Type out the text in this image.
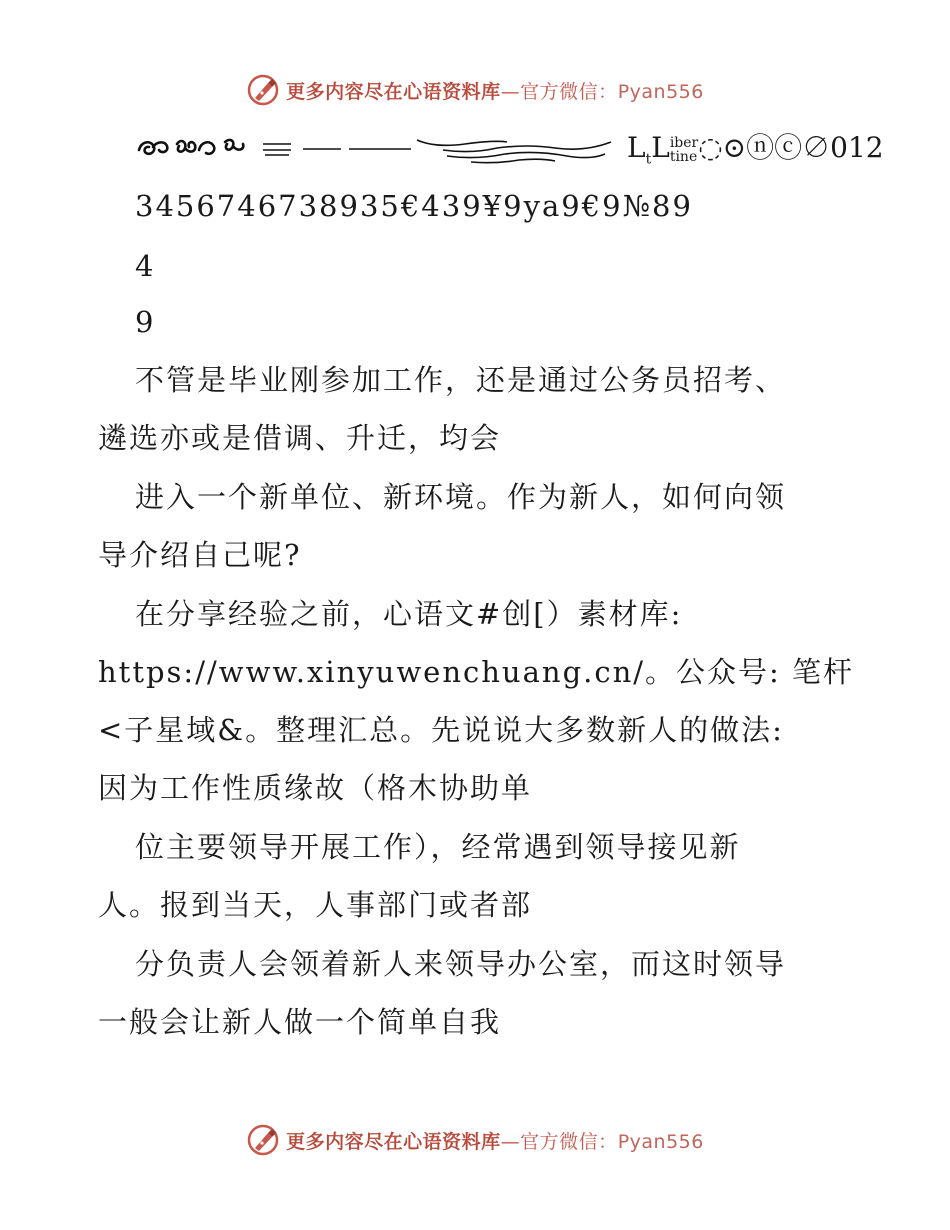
更多内容尽在心语资料库—官方微信：Pyan556
$L_tL$ iber
tine ◌⊙ⓝⓒ∅012
3456746738935€439¥9ya9€9№89
4
9
不管是毕业刚参加工作，还是通过公务员招考、
遴选亦或是借调、升迁，均会
进入一个新单位、新环境。作为新人，如何向领
导介绍自己呢?
在分享经验之前，心语文#创[）素材库:
https://www.xinyuwenchuang.cn/。公众号: 笔杆
<子星域&。整理汇总。先说说大多数新人的做法:
因为工作性质缘故（格木协助单
位主要领导开展工作），经常遇到领导接见新
人。报到当天，人事部门或者部
分负责人会领着新人来领导办公室，而这时领导
一般会让新人做一个简单自我
更多内容尽在心语资料库—官方微信：Pyan556
